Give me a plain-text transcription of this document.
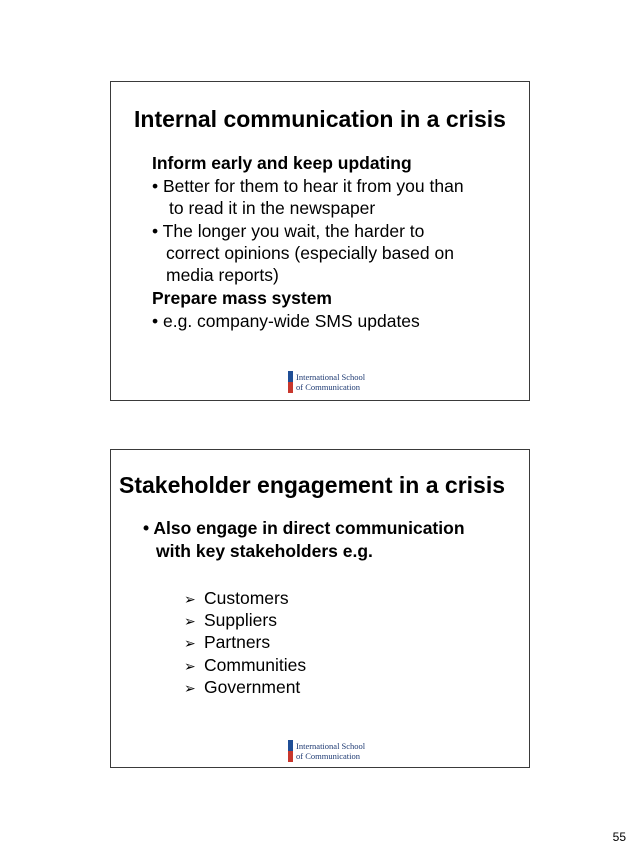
Internal communication in a crisis
Inform early and keep updating
• Better for them to hear it from you than
to read it in the newspaper
• The longer you wait, the harder to
correct opinions (especially based on
media reports)
Prepare mass system
• e.g. company-wide SMS updates
International School
of Communication
Stakeholder engagement in a crisis
• Also engage in direct communication
with key stakeholders e.g.
➢ Customers
➢ Suppliers
➢ Partners
➢ Communities
➢ Government
International School
of Communication
55
